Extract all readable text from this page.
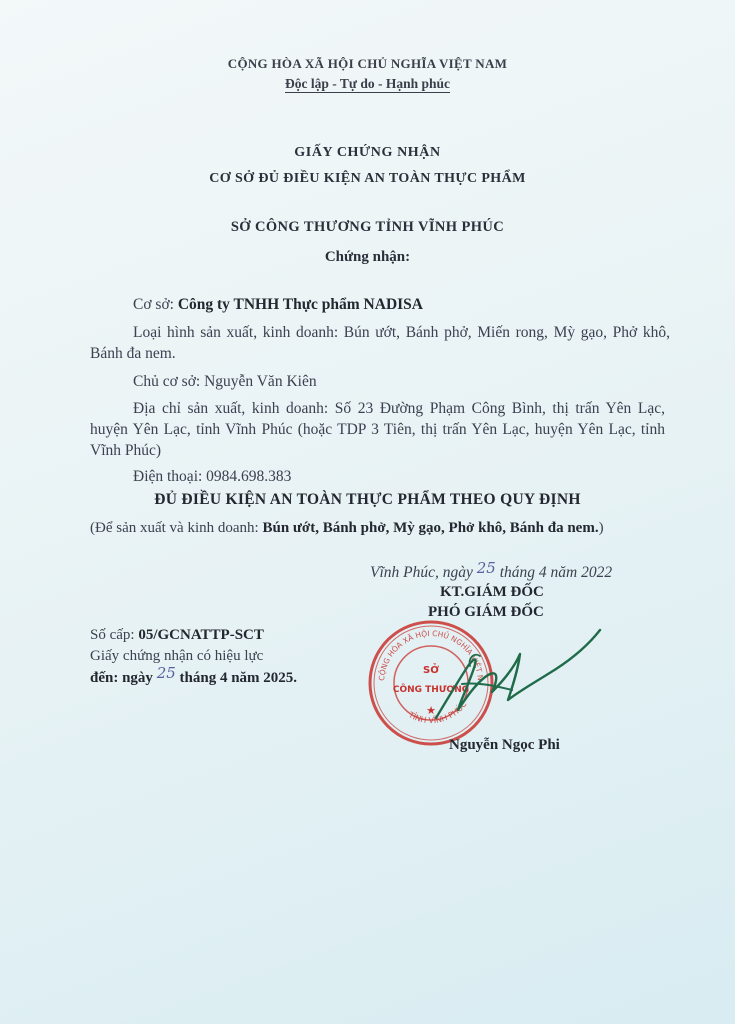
CỘNG HÒA XÃ HỘI CHỦ NGHĨA VIỆT NAM
Độc lập - Tự do - Hạnh phúc
GIẤY CHỨNG NHẬN
CƠ SỞ ĐỦ ĐIỀU KIỆN AN TOÀN THỰC PHẨM
SỞ CÔNG THƯƠNG TỈNH VĨNH PHÚC
Chứng nhận:
Cơ sở: Công ty TNHH Thực phẩm NADISA
Loại hình sản xuất, kinh doanh: Bún ướt, Bánh phở, Miến rong, Mỳ gạo, Phở khô, Bánh đa nem.
Chủ cơ sở: Nguyễn Văn Kiên
Địa chỉ sản xuất, kinh doanh: Số 23 Đường Phạm Công Bình, thị trấn Yên Lạc, huyện Yên Lạc, tỉnh Vĩnh Phúc (hoặc TDP 3 Tiên, thị trấn Yên Lạc, huyện Yên Lạc, tỉnh Vĩnh Phúc)
Điện thoại: 0984.698.383
ĐỦ ĐIỀU KIỆN AN TOÀN THỰC PHẨM THEO QUY ĐỊNH
(Để sản xuất và kinh doanh: Bún ướt, Bánh phở, Mỳ gạo, Phở khô, Bánh đa nem.)
Vĩnh Phúc, ngày 25 tháng 4 năm 2022
KT.GIÁM ĐỐC
PHÓ GIÁM ĐỐC
Số cấp: 05/GCNATTP-SCT
Giấy chứng nhận có hiệu lực
đến: ngày 25 tháng 4 năm 2025.	CỘNG HÒA XÃ HỘI CHỦ NGHĨA VIỆT N
TỈNH VĨNH PHÚC
SỞ
CÔNG THƯƠNG
★
Nguyễn Ngọc Phi
